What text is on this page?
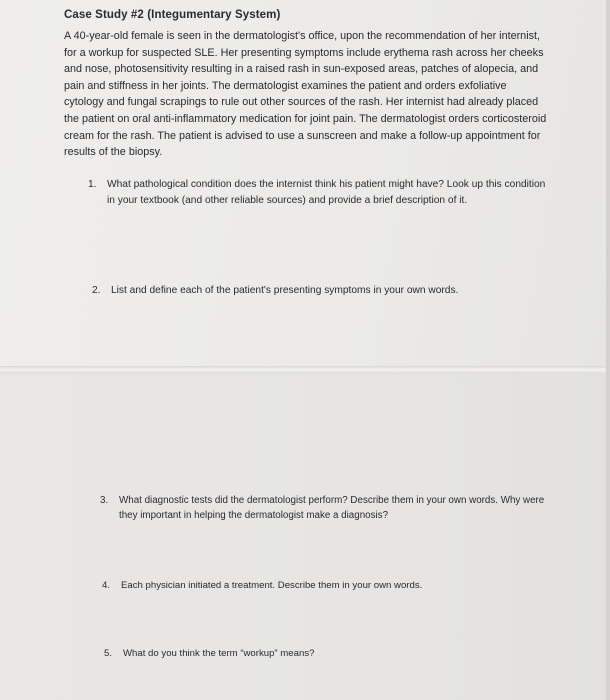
Case Study #2 (Integumentary System)
A 40-year-old female is seen in the dermatologist's office, upon the recommendation of her internist, for a workup for suspected SLE. Her presenting symptoms include erythema rash across her cheeks and nose, photosensitivity resulting in a raised rash in sun-exposed areas, patches of alopecia, and pain and stiffness in her joints. The dermatologist examines the patient and orders exfoliative cytology and fungal scrapings to rule out other sources of the rash. Her internist had already placed the patient on oral anti-inflammatory medication for joint pain. The dermatologist orders corticosteroid cream for the rash. The patient is advised to use a sunscreen and make a follow-up appointment for results of the biopsy.
1.	What pathological condition does the internist think his patient might have? Look up this condition in your textbook (and other reliable sources) and provide a brief description of it.
2.	List and define each of the patient's presenting symptoms in your own words.
3.	What diagnostic tests did the dermatologist perform? Describe them in your own words. Why were they important in helping the dermatologist make a diagnosis?
4.	Each physician initiated a treatment. Describe them in your own words.
5.	What do you think the term “workup” means?
